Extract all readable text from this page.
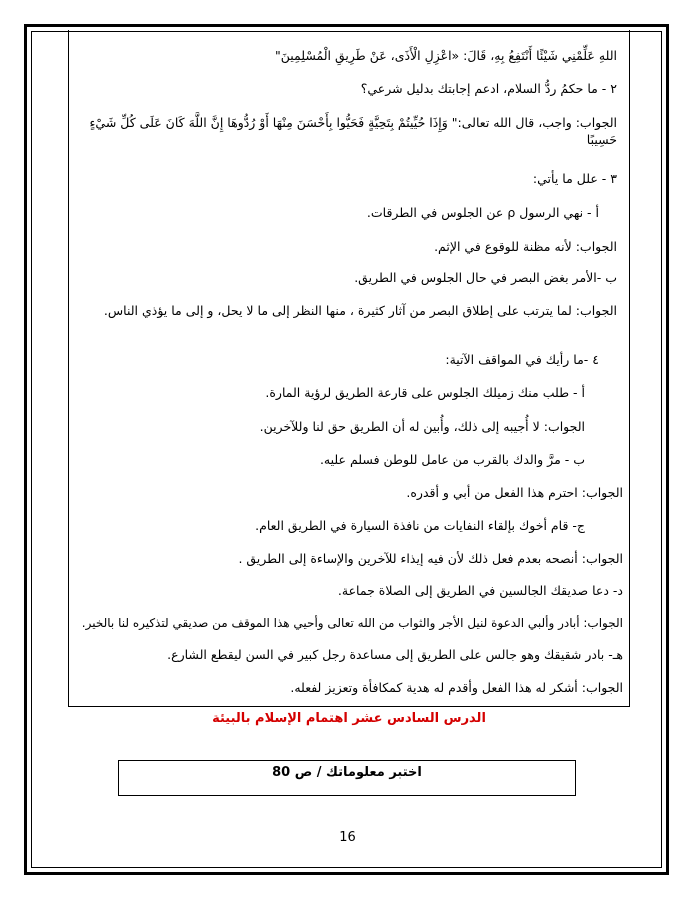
اللهِ عَلِّمْنِي شَيْئًا أَنْتَفِعُ بِهِ، قَالَ: «اعْزِلِ الْأَذَى، عَنْ طَرِيقِ الْمُسْلِمِينَ"
٢ - ما حكمُ ردُّ السلام، ادعم إجابتك بدليل شرعي؟
الجواب: واجب، قال الله تعالى:" وَإِذَا حُيِّيتُمْ بِتَحِيَّةٍ فَحَيُّوا بِأَحْسَنَ مِنْهَا أَوْ رُدُّوهَا إِنَّ اللَّهَ كَانَ عَلَى كُلِّ شَيْءٍ حَسِيبًا
٣ - علل ما يأتي:
أ - نهي الرسول ρ عن الجلوس في الطرقات.
الجواب: لأنه مظنة للوقوع في الإثم.
ب -الأمر بغض البصر في حال الجلوس في الطريق.
الجواب: لما يترتب على إطلاق البصر من آثار كثيرة ، منها النظر إلى ما لا يحل، و إلى ما يؤذي الناس.
٤ -ما رأيك في المواقف الآتية:
أ - طلب منك زميلك الجلوس على قارعة الطريق لرؤية المارة.
الجواب: لا أُجيبه إلى ذلك، وأُبين له أن الطريق حق لنا وللآخرين.
ب - مرَّ والدك بالقرب من عامل للوطن فسلم عليه.
الجواب: احترم هذا الفعل من أبي و أقدره.
ج- قام أخوك بإلقاء النفايات من نافذة السيارة في الطريق العام.
الجواب: أنصحه بعدم فعل ذلك لأن فيه إيذاء للآخرين والإساءة إلى الطريق .
د- دعا صديقك الجالسين في الطريق إلى الصلاة جماعة.
الجواب: أبادر وألبي الدعوة لنيل الأجر والثواب من الله تعالى وأحيي هذا الموقف من صديقي لتذكيره لنا بالخير.
هـ- بادر شقيقك وهو جالس على الطريق إلى مساعدة رجل كبير في السن ليقطع الشارع.
الجواب: أشكر له هذا الفعل وأقدم له هدية كمكافأة وتعزيز لفعله.
الدرس السادس عشر اهتمام الإسلام بالبيئة
اختبر معلوماتك / ص 80
16
